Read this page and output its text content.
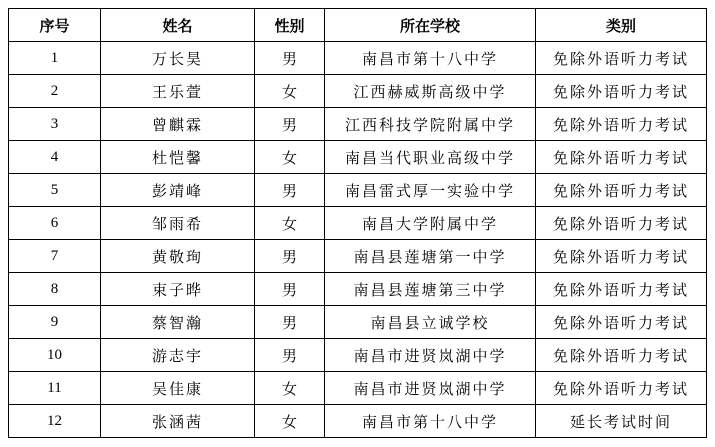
序号	姓名	性别	所在学校	类别
1	万长昊	男	南昌市第十八中学	免除外语听力考试
2	王乐萱	女	江西赫威斯高级中学	免除外语听力考试
3	曾麒霖	男	江西科技学院附属中学	免除外语听力考试
4	杜恺馨	女	南昌当代职业高级中学	免除外语听力考试
5	彭靖峰	男	南昌雷式厚一实验中学	免除外语听力考试
6	邹雨希	女	南昌大学附属中学	免除外语听力考试
7	黄敬珣	男	南昌县莲塘第一中学	免除外语听力考试
8	束子晔	男	南昌县莲塘第三中学	免除外语听力考试
9	蔡智瀚	男	南昌县立诚学校	免除外语听力考试
10	游志宇	男	南昌市进贤岚湖中学	免除外语听力考试
11	吴佳康	女	南昌市进贤岚湖中学	免除外语听力考试
12	张涵茜	女	南昌市第十八中学	延长考试时间
